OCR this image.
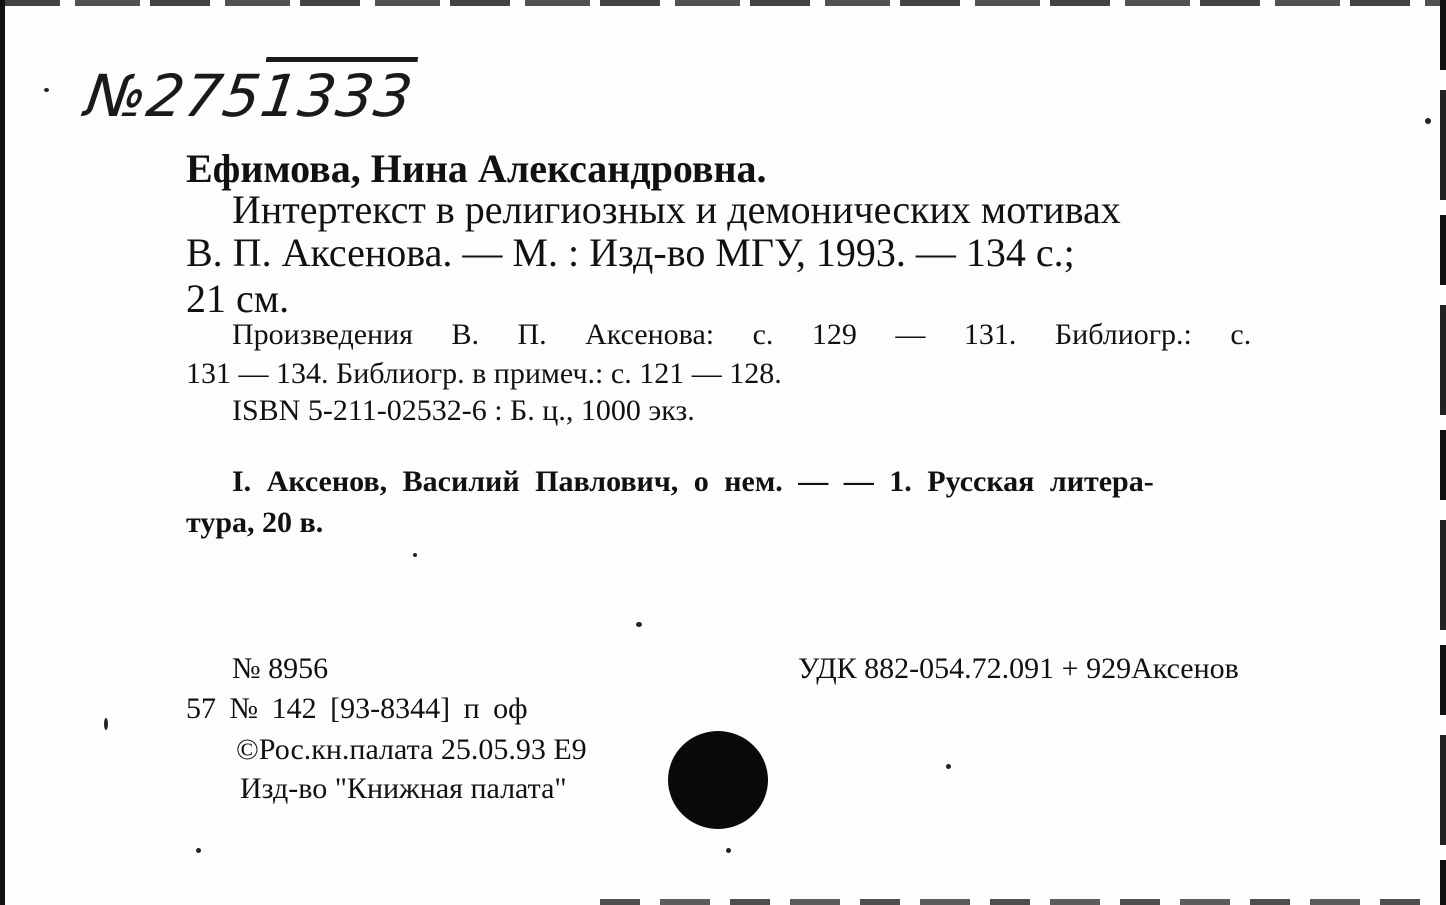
№2751333
Ефимова, Нина Александровна.
Интертекст в религиозных и демонических мотивах
В. П. Аксенова. — М. : Изд-во МГУ, 1993. — 134 с.;
21 см.
Произведения В. П. Аксенова: с. 129 — 131. Библиогр.: с.
131 — 134. Библиогр. в примеч.: с. 121 — 128.
ISBN 5-211-02532-6 : Б. ц., 1000 экз.
I. Аксенов, Василий Павлович, о нем. — — 1. Русская литера-
тура, 20 в.
№ 8956	УДК 882-054.72.091 + 929Аксенов
57 № 142 [93-8344] п оф
©Рос.кн.палата 25.05.93 Е9
Изд-во "Книжная палата"
